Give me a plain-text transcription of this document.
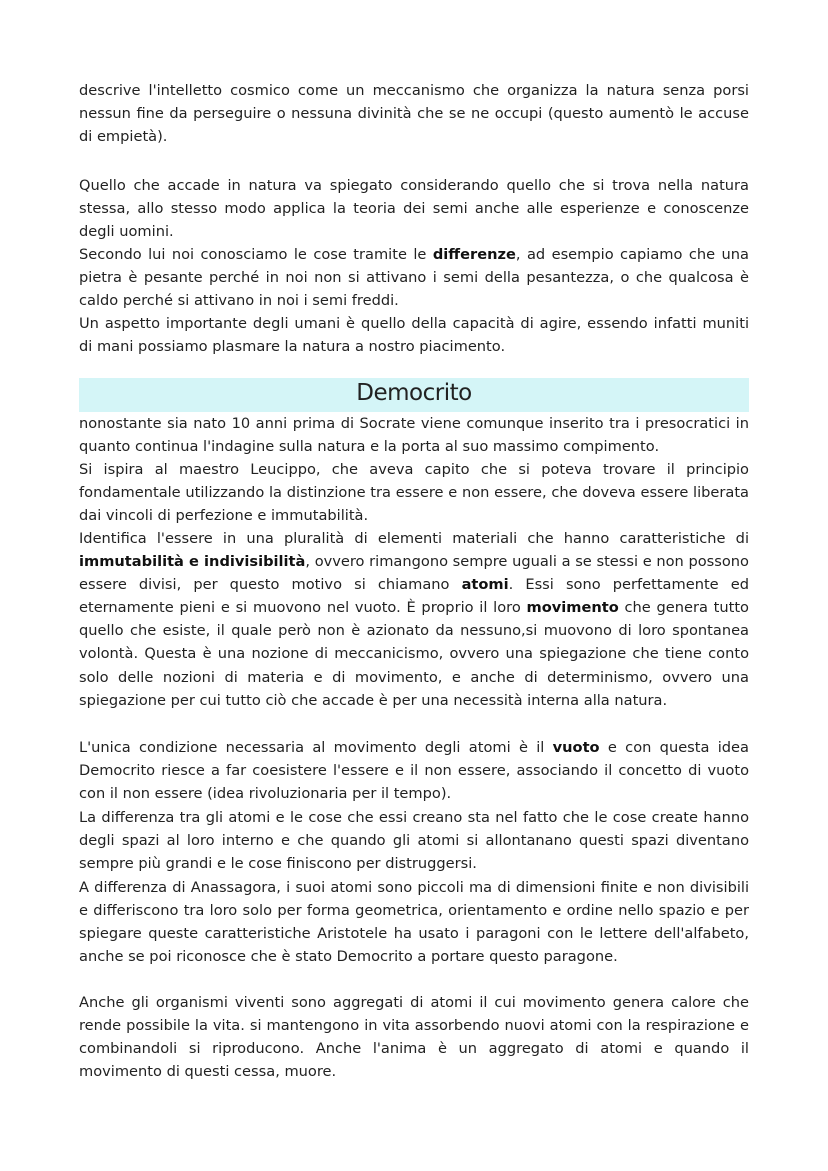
descrive l'intelletto cosmico come un meccanismo che organizza la natura senza porsi nessun fine da perseguire o nessuna divinità che se ne occupi (questo aumentò le accuse di empietà).

Quello che accade in natura va spiegato considerando quello che si trova nella natura stessa, allo stesso modo applica la teoria dei semi anche alle esperienze e conoscenze degli uomini.

Secondo lui noi conosciamo le cose tramite le differenze, ad esempio capiamo che una pietra è pesante perché in noi non si attivano i semi della pesantezza, o che qualcosa è caldo perché si attivano in noi i semi freddi.

Un aspetto importante degli umani è quello della capacità di agire, essendo infatti muniti di mani possiamo plasmare la natura a nostro piacimento.

Democrito

nonostante sia nato 10 anni prima di Socrate viene comunque inserito tra i presocratici in quanto continua l'indagine sulla natura e la porta al suo massimo compimento.

Si ispira al maestro Leucippo, che aveva capito che si poteva trovare il principio fondamentale utilizzando la distinzione tra essere e non essere, che doveva essere liberata dai vincoli di perfezione e immutabilità.

Identifica l'essere in una pluralità di elementi materiali che hanno caratteristiche di immutabilità e indivisibilità, ovvero rimangono sempre uguali a se stessi e non possono essere divisi, per questo motivo si chiamano atomi. Essi sono perfettamente ed eternamente pieni e si muovono nel vuoto. È proprio il loro movimento che genera tutto quello che esiste, il quale però non è azionato da nessuno,si muovono di loro spontanea volontà. Questa è una nozione di meccanicismo, ovvero una spiegazione che tiene conto solo delle nozioni di materia e di movimento, e anche di determinismo, ovvero una spiegazione per cui tutto ciò che accade è per una necessità interna alla natura.

L'unica condizione necessaria al movimento degli atomi è il vuoto e con questa idea Democrito riesce a far coesistere l'essere e il non essere, associando il concetto di vuoto con il non essere (idea rivoluzionaria per il tempo).

La differenza tra gli atomi e le cose che essi creano sta nel fatto che le cose create hanno degli spazi al loro interno e che quando gli atomi si allontanano questi spazi diventano sempre più grandi e le cose finiscono per distruggersi.

A differenza di Anassagora, i suoi atomi sono piccoli ma di dimensioni finite e non divisibili e differiscono tra loro solo per forma geometrica, orientamento e ordine nello spazio e per spiegare queste caratteristiche Aristotele ha usato i paragoni con le lettere dell'alfabeto, anche se poi riconosce che è stato Democrito a portare questo paragone.

Anche gli organismi viventi sono aggregati di atomi il cui movimento genera calore che rende possibile la vita. si mantengono in vita assorbendo nuovi atomi con la respirazione e combinandoli si riproducono. Anche l'anima è un aggregato di atomi e quando il movimento di questi cessa, muore.
